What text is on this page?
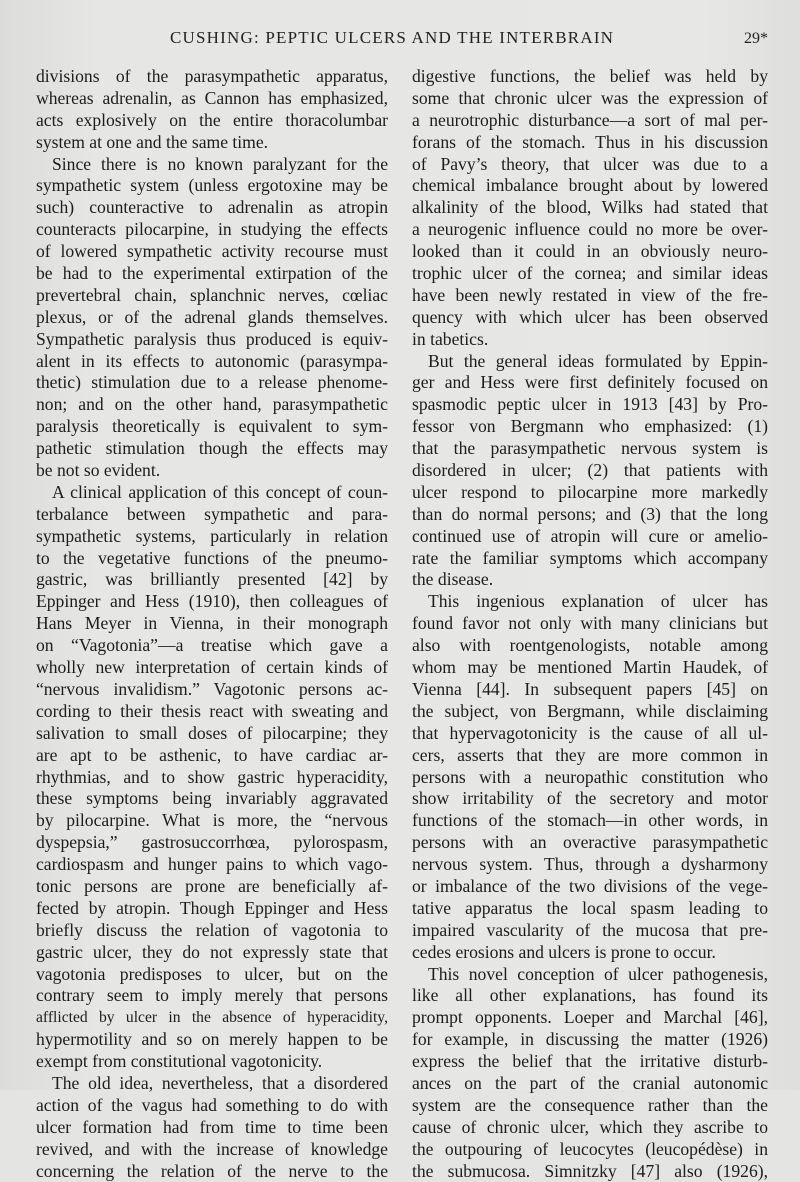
CUSHING: PEPTIC ULCERS AND THE INTERBRAIN	29*
divisions of the parasympathetic apparatus,
whereas adrenalin, as Cannon has emphasized,
acts explosively on the entire thoracolumbar
system at one and the same time.
Since there is no known paralyzant for the
sympathetic system (unless ergotoxine may be
such) counteractive to adrenalin as atropin
counteracts pilocarpine, in studying the effects
of lowered sympathetic activity recourse must
be had to the experimental extirpation of the
prevertebral chain, splanchnic nerves, cœliac
plexus, or of the adrenal glands themselves.
Sympathetic paralysis thus produced is equiv-
alent in its effects to autonomic (parasympa-
thetic) stimulation due to a release phenome-
non; and on the other hand, parasympathetic
paralysis theoretically is equivalent to sym-
pathetic stimulation though the effects may
be not so evident.
A clinical application of this concept of coun-
terbalance between sympathetic and para-
sympathetic systems, particularly in relation
to the vegetative functions of the pneumo-
gastric, was brilliantly presented [42] by
Eppinger and Hess (1910), then colleagues of
Hans Meyer in Vienna, in their monograph
on “Vagotonia”—a treatise which gave a
wholly new interpretation of certain kinds of
“nervous invalidism.” Vagotonic persons ac-
cording to their thesis react with sweating and
salivation to small doses of pilocarpine; they
are apt to be asthenic, to have cardiac ar-
rhythmias, and to show gastric hyperacidity,
these symptoms being invariably aggravated
by pilocarpine. What is more, the “nervous
dyspepsia,” gastrosuccorrhœa, pylorospasm,
cardiospasm and hunger pains to which vago-
tonic persons are prone are beneficially af-
fected by atropin. Though Eppinger and Hess
briefly discuss the relation of vagotonia to
gastric ulcer, they do not expressly state that
vagotonia predisposes to ulcer, but on the
contrary seem to imply merely that persons
afflicted by ulcer in the absence of hyperacidity,
hypermotility and so on merely happen to be
exempt from constitutional vagotonicity.
The old idea, nevertheless, that a disordered
action of the vagus had something to do with
ulcer formation had from time to time been
revived, and with the increase of knowledge
concerning the relation of the nerve to the
digestive functions, the belief was held by
some that chronic ulcer was the expression of
a neurotrophic disturbance—a sort of mal per-
forans of the stomach. Thus in his discussion
of Pavy’s theory, that ulcer was due to a
chemical imbalance brought about by lowered
alkalinity of the blood, Wilks had stated that
a neurogenic influence could no more be over-
looked than it could in an obviously neuro-
trophic ulcer of the cornea; and similar ideas
have been newly restated in view of the fre-
quency with which ulcer has been observed
in tabetics.
But the general ideas formulated by Eppin-
ger and Hess were first definitely focused on
spasmodic peptic ulcer in 1913 [43] by Pro-
fessor von Bergmann who emphasized: (1)
that the parasympathetic nervous system is
disordered in ulcer; (2) that patients with
ulcer respond to pilocarpine more markedly
than do normal persons; and (3) that the long
continued use of atropin will cure or amelio-
rate the familiar symptoms which accompany
the disease.
This ingenious explanation of ulcer has
found favor not only with many clinicians but
also with roentgenologists, notable among
whom may be mentioned Martin Haudek, of
Vienna [44]. In subsequent papers [45] on
the subject, von Bergmann, while disclaiming
that hypervagotonicity is the cause of all ul-
cers, asserts that they are more common in
persons with a neuropathic constitution who
show irritability of the secretory and motor
functions of the stomach—in other words, in
persons with an overactive parasympathetic
nervous system. Thus, through a dysharmony
or imbalance of the two divisions of the vege-
tative apparatus the local spasm leading to
impaired vascularity of the mucosa that pre-
cedes erosions and ulcers is prone to occur.
This novel conception of ulcer pathogenesis,
like all other explanations, has found its
prompt opponents. Loeper and Marchal [46],
for example, in discussing the matter (1926)
express the belief that the irritative disturb-
ances on the part of the cranial autonomic
system are the consequence rather than the
cause of chronic ulcer, which they ascribe to
the outpouring of leucocytes (leucopédèse) in
the submucosa. Simnitzky [47] also (1926),
